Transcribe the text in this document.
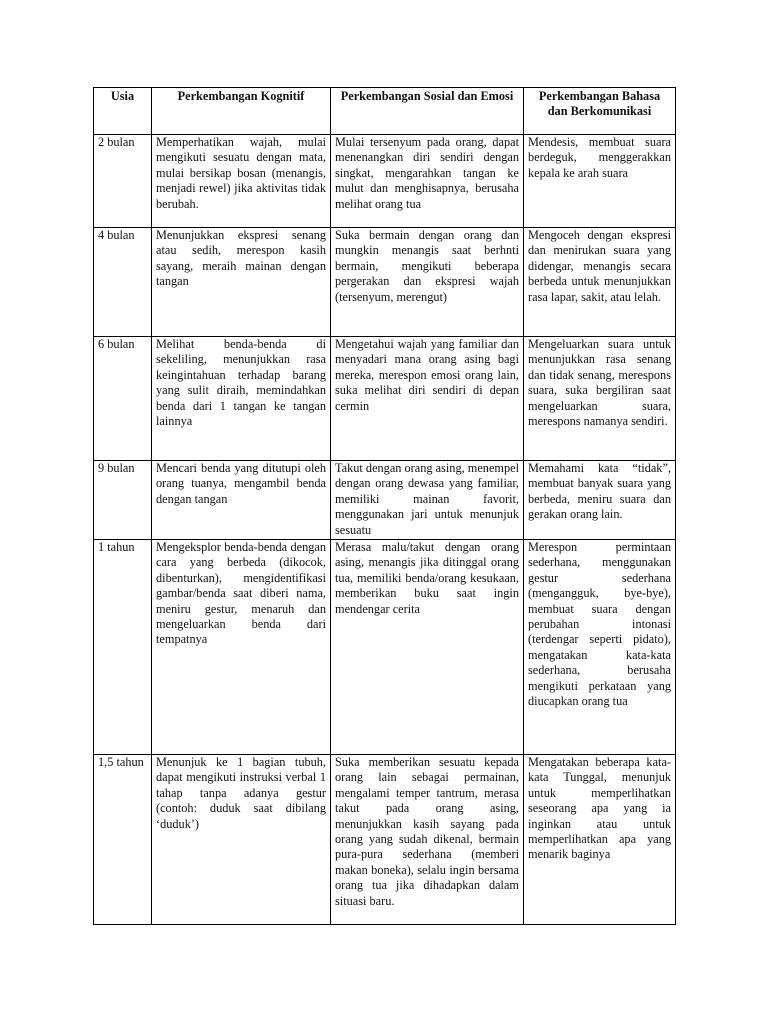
Usia	Perkembangan Kognitif	Perkembangan Sosial dan Emosi	Perkembangan Bahasa dan Berkomunikasi
2 bulan	Memperhatikan wajah, mulai mengikuti sesuatu dengan mata, mulai bersikap bosan (menangis, menjadi rewel) jika aktivitas tidak berubah.	Mulai tersenyum pada orang, dapat menenangkan diri sendiri dengan singkat, mengarahkan tangan ke mulut dan menghisapnya, berusaha melihat orang tua	Mendesis, membuat suara berdeguk, menggerakkan kepala ke arah suara
4 bulan	Menunjukkan ekspresi senang atau sedih, merespon kasih sayang, meraih mainan dengan tangan	Suka bermain dengan orang dan mungkin menangis saat berhnti bermain, mengikuti beberapa pergerakan dan ekspresi wajah (tersenyum, merengut)	Mengoceh dengan ekspresi dan menirukan suara yang didengar, menangis secara berbeda untuk menunjukkan rasa lapar, sakit, atau lelah.
6 bulan	Melihat benda-benda di sekeliling, menunjukkan rasa keingintahuan terhadap barang yang sulit diraih, memindahkan benda dari 1 tangan ke tangan lainnya	Mengetahui wajah yang familiar dan menyadari mana orang asing bagi mereka, merespon emosi orang lain, suka melihat diri sendiri di depan cermin	Mengeluarkan suara untuk menunjukkan rasa senang dan tidak senang, merespons suara, suka bergiliran saat mengeluarkan suara, merespons namanya sendiri.
9 bulan	Mencari benda yang ditutupi oleh orang tuanya, mengambil benda dengan tangan	Takut dengan orang asing, menempel dengan orang dewasa yang familiar, memiliki mainan favorit, menggunakan jari untuk menunjuk sesuatu	Memahami kata “tidak”, membuat banyak suara yang berbeda, meniru suara dan gerakan orang lain.
1 tahun	Mengeksplor benda-benda dengan cara yang berbeda (dikocok, dibenturkan), mengidentifikasi gambar/benda saat diberi nama, meniru gestur, menaruh dan mengeluarkan benda dari tempatnya	Merasa malu/takut dengan orang asing, menangis jika ditinggal orang tua, memiliki benda/orang kesukaan, memberikan buku saat ingin mendengar cerita	Merespon permintaan sederhana, menggunakan gestur sederhana (mengangguk, bye-bye), membuat suara dengan perubahan intonasi (terdengar seperti pidato), mengatakan kata-kata sederhana, berusaha mengikuti perkataan yang diucapkan orang tua
1,5 tahun	Menunjuk ke 1 bagian tubuh, dapat mengikuti instruksi verbal 1 tahap tanpa adanya gestur (contoh: duduk saat dibilang ‘duduk’)	Suka memberikan sesuatu kepada orang lain sebagai permainan, mengalami temper tantrum, merasa takut pada orang asing, menunjukkan kasih sayang pada orang yang sudah dikenal, bermain pura-pura sederhana (memberi makan boneka), selalu ingin bersama orang tua jika dihadapkan dalam situasi baru.	Mengatakan beberapa kata-kata Tunggal, menunjuk untuk memperlihatkan seseorang apa yang ia inginkan atau untuk memperlihatkan apa yang menarik baginya
